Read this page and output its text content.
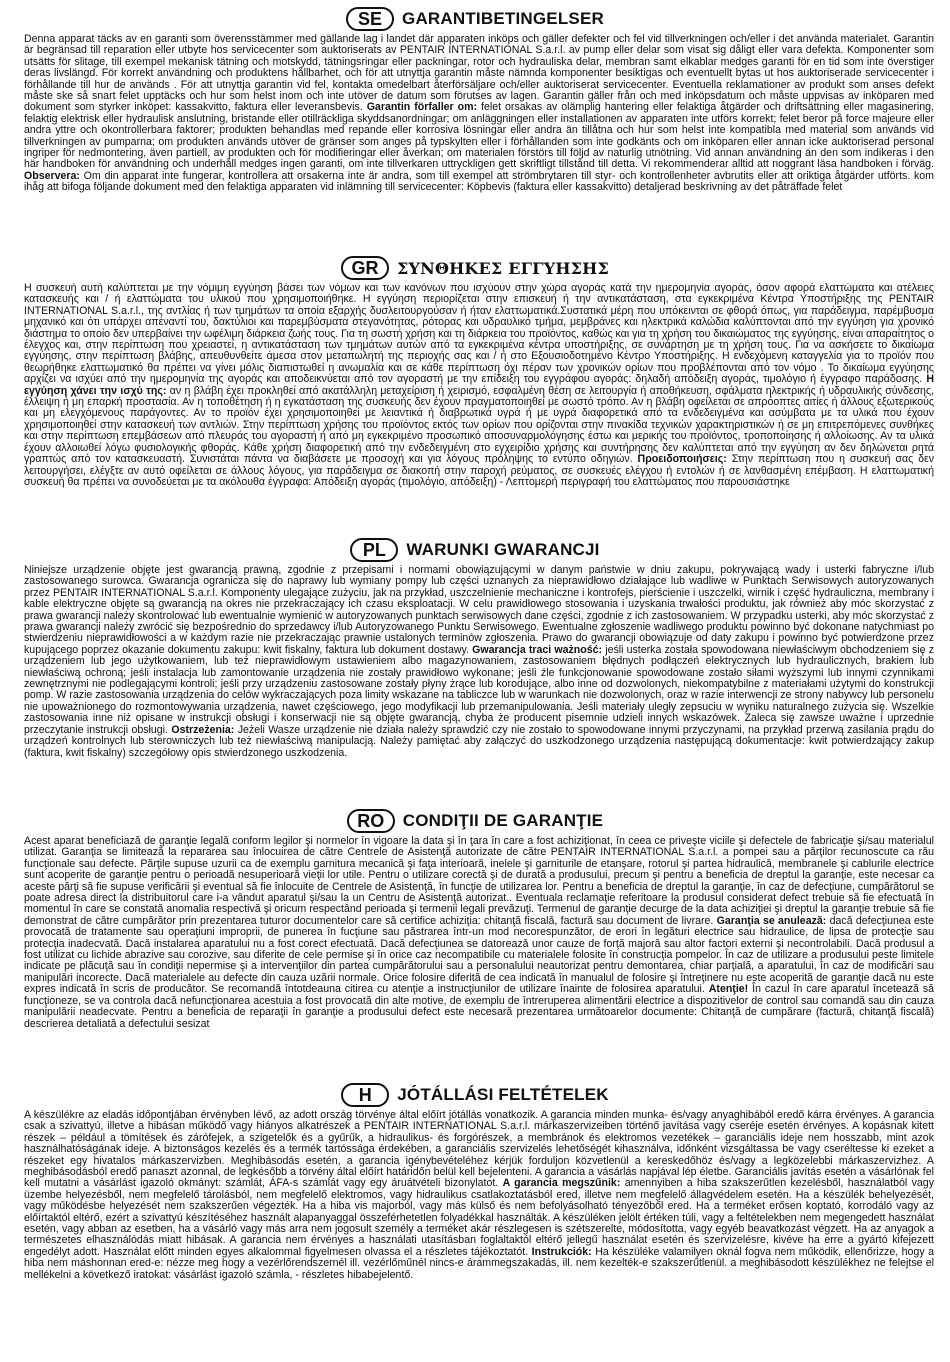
SE	GARANTIBETINGELSER

Denna apparat täcks av en garanti som överensstämmer med gällande lag i landet där apparaten inköps och gäller defekter och fel vid tillverkningen och/eller i det använda materialet. Garantin är begränsad till reparation eller utbyte hos servicecenter som auktoriserats av PENTAIR INTERNATIONAL S.a.r.l. av pump eller delar som visat sig dåligt eller vara defekta. Komponenter som utsätts för slitage, till exempel mekanisk tätning och motskydd, tätningsringar eller packningar, rotor och hydrauliska delar, membran samt elkablar medges garanti för en tid som inte överstiger deras livslängd. För korrekt användning och produktens hållbarhet, och för att utnyttja garantin måste nämnda komponenter besiktigas och eventuellt bytas ut hos auktoriserade servicecenter i förhållande till hur de används . För att utnyttja garantin vid fel, kontakta omedelbart återförsäljare och/eller auktoriserat servicecenter. Eventuella reklamationer av produkt som anses defekt måste ske så snart felet upptäcks och hur som helst inom och inte utöver de datum som förutses av lagen. Garantin gäller från och med inköpsdatum och måste uppvisas av inköparen med dokument som styrker inköpet: kassakvitto, faktura eller leveransbevis. Garantin förfaller om: felet orsakas av olämplig hantering eller felaktiga åtgärder och driftsättning eller magasinering, felaktig elektrisk eller hydraulisk anslutning, bristande eller otillräckliga skyddsanordningar; om anläggningen eller installationen av apparaten inte utförs korrekt; felet beror på force majeure eller andra yttre och okontrollerbara faktorer; produkten behandlas med repande eller korrosiva lösningar eller andra än tillåtna och hur som helst inte kompatibla med material som används vid tillverkningen av pumparna; om produkten används utöver de gränser som anges på typskylten eller i förhållanden som inte godkänts och om inköparen eller annan icke auktoriserad personal ingriper för nedmontering, även partiell, av produkten och för modifieringar eller åverkan; om materialen förstörs till följd av naturlig utnötning. Vid annan användning än den som indikeras i den här handboken för användning och underhåll medges ingen garanti, om inte tillverkaren uttryckligen gett skriftligt tillstånd till detta. Vi rekommenderar alltid att noggrant läsa handboken i förväg. Observera: Om din apparat inte fungerar, kontrollera att orsakerna inte är andra, som till exempel att strömbrytaren till styr- och kontrollenheter avbrutits eller att oriktiga åtgärder utförts. kom ihåg att bifoga följande dokument med den felaktiga apparaten vid inlämning till servicecenter: Köpbevis (faktura eller kassakvitto) detaljerad beskrivning av det påträffade felet

GR	ΣΥΝΘΗΚΕΣ ΕΓΓΥΗΣΗΣ

Η συσκευή αυτή καλύπτεται με την νόμιμη εγγύηση βάσει των νόμων και των κανόνων που ισχύουν στην χώρα αγοράς κατά την ημερομηνία αγοράς, όσον αφορά ελαττώματα και ατέλειες κατασκευής και / ή ελαττώματα του υλικού που χρησιμοποιήθηκε. Η εγγύηση περιορίζεται στην επισκευή ή την αντικατάσταση, στα εγκεκριμένα Κέντρα Υποστήριξης της PENTAIR INTERNATIONAL S.a.r.l., της αντλίας ή των τμημάτων τα οποία εξαρχής δυσλειτουργούσαν ή ήταν ελαττωματικά.Συστατικά μέρη που υπόκεινται σε φθορά όπως, για παράδειγμα, παρέμβυσμα μηχανικό και ότι υπάρχει απέναντί του, δακτύλιοι και παρεμβύσματα στεγανότητας, ρότορας και υδραυλικό τμήμα, μεμβράνες και ηλεκτρικά καλώδια καλύπτονται από την εγγύηση για χρονικό διάστημα το οποίο δεν υπερβαίνει την ωφέλιμη διάρκεια ζωής τους. Για τη σωστή χρήση και τη διάρκεια του προϊόντος, καθώς και για τη χρήση του δικαιώματος της εγγύησης, είναι απαραίτητος ο έλεγχος και, στην περίπτωση που χρειαστεί, η αντικατάσταση των τμημάτων αυτών από τα εγκεκριμένα κέντρα υποστήριξης, σε συνάρτηση με τη χρήση τους. Για να ασκήσετε το δικαίωμα εγγύησης, στην περίπτωση βλάβης, απευθυνθείτε άμεσα στον μεταπωλητή της περιοχής σας και / ή στο Εξουσιοδοτημένο Κέντρο Υποστήριξης. Η ενδεχόμενη καταγγελία για το προϊόν που θεωρήθηκε ελαττωματικό θα πρέπει να γίνει μόλις διαπιστωθεί η ανωμαλία και σε κάθε περίπτωση όχι πέραν των χρονικών ορίων που προβλέπονται από τον νόμο . Το δικαίωμα εγγύησης αρχίζει να ισχύει από την ημερομηνία της αγοράς και αποδεικνύεται από τον αγοραστή με την επίδειξη του εγγράφου αγοράς: δηλαδή απόδειξη αγοράς, τιμολόγιο ή έγγραφο παράδοσης. Η εγγύηση χάνει την ισχύ της: αν η βλάβη έχει προκληθεί από ακατάλληλη μεταχείριση ή χειρισμό, εσφαλμένη θέση σε λειτουργία ή αποθήκευση, σφάλματα ηλεκτρικής ή υδραυλικής σύνδεσης, έλλειψη ή μη επαρκή προστασία. Αν η τοποθέτηση ή η εγκατάσταση της συσκευής δεν έχουν πραγματοποιηθεί με σωστό τρόπο. Αν η βλάβη οφείλεται σε απρόοπτες αιτίες ή άλλους εξωτερικούς και μη ελεγχόμενους παράγοντες. Αν το προϊόν έχει χρησιμοποιηθεί με λειαντικά ή διαβρωτικά υγρά ή με υγρά διαφορετικά από τα ενδεδειγμένα και ασύμβατα με τα υλικά που έχουν χρησιμοποιηθεί στην κατασκευή των αντλιών. Στην περίπτωση χρήσης του προϊόντος εκτός των ορίων που ορίζονται στην πινακίδα τεχνικών χαρακτηριστικών ή σε μη επιτρεπόμενες συνθήκες και στην περίπτωση επεμβάσεων από πλευράς του αγοραστή ή από μη εγκεκριμένο προσωπικό αποσυναρμολόγησης έστω και μερικής του προϊόντος, τροποποίησης ή αλλοίωσης. Αν τα υλικά έχουν αλλοιωθεί λόγω φυσιολογικής φθοράς. Κάθε χρήση διαφορετική από την ενδεδειγμένη στο εγχειρίδιο χρήσης και συντήρησης δεν καλύπτεται από την εγγύηση αν δεν δηλώνεται ρητά γραπτώς από τον κατασκευαστή. Συνιστάται πάντα να διαβάσετε με προσοχή και για λόγους πρόληψης το εντύπο οδηγιών. Προειδοποιήσεις: Στην περίπτωση που η συσκευή σας δεν λειτουργήσει, ελέγξτε αν αυτό οφείλεται σε άλλους λόγους, για παράδειγμα σε διακοπή στην παροχή ρεύματος, σε συσκευές ελέγχου ή εντολών ή σε λανθασμένη επέμβαση. Η ελαττωματική συσκευή θα πρέπει να συνοδεύεται με τα ακόλουθα έγγραφα: Απόδειξη αγοράς (τιμολόγιο, απόδειξη) - Λεπτομερή περιγραφή του ελαττώματος που παρουσιάστηκε

PL	WARUNKI GWARANCJI

Niniejsze urządzenie objęte jest gwarancją prawną, zgodnie z przepisami i normami obowiązującymi w danym państwie w dniu zakupu, pokrywającą wady i usterki fabryczne i/lub zastosowanego surowca. Gwarancja ogranicza się do naprawy lub wymiany pompy lub części uznanych za nieprawidłowo działające lub wadliwe w Punktach Serwisowych autoryzowanych przez PENTAIR INTERNATIONAL S.a.r.l. Komponenty ulegające zużyciu, jak na przykład, uszczelnienie mechaniczne i kontrofejs, pierścienie i uszczelki, wirnik i część hydrauliczna, membrany i kable elektryczne objęte są gwarancją na okres nie przekraczający ich czasu eksploatacji. W celu prawidłowego stosowania i uzyskania trwałości produktu, jak również aby móc skorzystać z prawa gwarancji należy skontrolować lub ewentualnie wymienić w autoryzowanych punktach serwisowych dane części, zgodnie z ich zastosowaniem. W przypadku usterki, aby móc skorzystać z prawa gwarancji należy zwrócić się bezpośrednio do sprzedawcy i/lub Autoryzowanego Punktu Serwisowego. Ewentualne zgłoszenie wadliwego produktu powinno być dokonane natychmiast po stwierdzeniu nieprawidłowości a w każdym razie nie przekraczając prawnie ustalonych terminów zgłoszenia. Prawo do gwarancji obowiązuje od daty zakupu i powinno być potwierdzone przez kupującego poprzez okazanie dokumentu zakupu: kwit fiskalny, faktura lub dokument dostawy. Gwarancja traci ważność: jeśli usterka została spowodowana niewłaściwym obchodzeniem się z urządzeniem lub jego użytkowaniem, lub też nieprawidłowym ustawieniem albo magazynowaniem, zastosowaniem błędnych podłączeń elektrycznych lub hydraulicznych, brakiem lub niewłaściwą ochroną; jeśli instalacja lub zamontowanie urządzenia nie zostały prawidłowo wykonane; jeśli źle funkcjonowanie spowodowane zostało siłami wyższymi lub innymi czynnikami zewnętrznymi nie podlegającymi kontroli; jeśli przy urządzeniu zastosowane zostały płyny żrące lub korodujące, albo inne od dozwolonych, niekompatybilne z materiałami użytymi do konstrukcji pomp. W razie zastosowania urządzenia do celów wykraczających poza limity wskazane na tabliczce lub w warunkach nie dozwolonych, oraz w razie interwencji ze strony nabywcy lub personelu nie upoważnionego do rozmontowywania urządzenia, nawet częściowego, jego modyfikacji lub przemanipulowania. Jeśli materiały uległy zepsuciu w wyniku naturalnego zużycia się. Wszelkie zastosowania inne niż opisane w instrukcji obsługi i konserwacji nie są objęte gwarancją, chyba że producent pisemnie udzieli innych wskazówek. Zaleca się zawsze uważne i uprzednie przeczytanie instrukcji obsługi. Ostrzeżenia: Jeżeli Wasze urządzenie nie działa należy sprawdzić czy nie zostało to spowodowane innymi przyczynami, na przykład przerwą zasilania prądu do urządzeń kontrolnych lub sterowniczych lub też niewłaściwą manipulacją. Należy pamiętać aby załączyć do uszkodzonego urządzenia następującą dokumentacje: kwit potwierdzający zakup (faktura, kwit fiskalny) szczegółowy opis stwierdzonego uszkodzenia.

RO	CONDIŢII DE GARANŢIE

Acest aparat beneficiază de garanţie legală conform legilor şi normelor în vigoare la data şi în ţara în care a fost achiziţionat, în ceea ce priveşte viciile şi defectele de fabricaţie şi/sau materialul utilizat. Garanţia se limitează la repararea sau înlocuirea de către Centrele de Asistenţă autorizate de către PENTAIR INTERNATIONAL S.a.r.l. a pompei sau a părţilor recunoscute ca rău funcţionale sau defecte. Părţile supuse uzurii ca de exemplu garnitura mecanică şi faţa interioară, inelele şi garniturile de etanşare, rotorul şi partea hidraulică, membranele şi cablurile electrice sunt acoperite de garanţie pentru o perioadă nesuperioară vieţii lor utile. Pentru o utilizare corectă şi de durată a produsului, precum şi pentru a beneficia de dreptul la garanţie, este necesar ca aceste părţi să fie supuse verificării şi eventual să fie înlocuite de Centrele de Asistenţă, în funcţie de utilizarea lor. Pentru a beneficia de dreptul la garanţie, în caz de defecţiune, cumpărătorul se poate adresa direct la distribuitorul care i-a vândut aparatul şi/sau la un Centru de Asistenţă autorizat.. Eventuala reclamaţie referitoare la produsul considerat defect trebuie să fie efectuată în momentul în care se constată anomalia respectivă şi oricum respectând perioada şi termenii legali prevăzuţi. Termenul de garanţie decurge de la data achiziţiei şi dreptul la garanţie trebuie să fie demonstrat de către cumpărător prin prezentarea tuturor documentelor care să certifice achiziţia: chitanţă fiscală, factură sau document de livrare. Garanţia se anulează: dacă defecţiunea este provocată de tratamente sau operaţiuni improprii, de punerea în fucţiune sau păstrarea într-un mod necorespunzător, de erori în legături electrice sau hidraulice, de lipsa de protecţie sau protecţia inadecvată. Dacă instalarea aparatului nu a fost corect efectuată. Dacă defecţiunea se datorează unor cauze de forţă majoră sau altor factori externi şi necontrolabili. Dacă produsul a fost utilizat cu lichide abrazive sau corozive, sau diferite de cele permise şi în orice caz necompatibile cu materialele folosite în construcţia pompelor. În caz de utilizare a produsului peste limitele indicate pe plăcuţă sau în condiţii nepermise şi a intervenţiilor din partea cumpărătorului sau a personalului neautorizat pentru demontarea, chiar parţială, a aparatului, în caz de modificări sau manipulări incorecte. Dacă materialele au defecte din cauza uzării normale. Orice folosire diferită de cea indicată în manualul de folosire şi întreţinere nu este acoperită de garanţie dacă nu este expres indicată în scris de producător. Se recomandă întotdeauna citirea cu atenţie a instrucţiunilor de utilizare înainte de folosirea aparatului. Atenţie! În cazul în care aparatul încetează să funcţioneze, se va controla dacă nefuncţionarea acestuia a fost provocată din alte motive, de exemplu de întreruperea alimentării electrice a dispozitivelor de control sau comandă sau din cauza manipulării neadecvate. Pentru a beneficia de reparaţii în garanţie a produsului defect este necesară prezentarea următoarelor documente: Chitanţă de cumpărare (factură, chitanţă fiscală) descrierea detaliată a defectului sesizat

H	JÓTÁLLÁSI FELTÉTELEK

A készülékre az eladás időpontjában érvényben lévő, az adott ország törvénye által előírt jótállás vonatkozik. A garancia minden munka- és/vagy anyaghibából eredő kárra érvényes. A garancia csak a szivattyú, illetve a hibásan működő vagy hiányos alkatrészek a PENTAIR INTERNATIONAL S.a.r.l. márkaszervizeiben történő javítása vagy cseréje esetén érvényes. A kopásnak kitett részek – például a tömítések és zárófejek, a szigetelők és a gyűrűk, a hidraulikus- és forgórészek, a membránok és elektromos vezetékek – garanciális ideje nem hosszabb, mint azok használhatóságának ideje. A biztonságos kezelés és a termék tartóssága érdekében, a garanciális szervizelés lehetőségét kihasználva, időnként vizsgáltassa be vagy cseréltesse ki ezeket a részeket egy hivatalos márkaszervizben. Meghibásodás esetén, a garancia igénybevételéhez kérjük forduljon közvetlenül a kereskedőhöz és/vagy a legközelebbi márkaszervizhez. A meghibásodásból eredő panaszt azonnal, de legkésőbb a törvény által előírt határidőn belül kell bejelenteni. A garancia a vásárlás napjával lép életbe. Garanciális javítás esetén a vásárlónak fel kell mutatni a vásárlást igazoló okmányt: számlát, ÁFA-s számlát vagy egy áruátvételi bizonylatot. A garancia megszűnik: amennyiben a hiba szakszerűtlen kezelésből, használatból vagy üzembe helyezésből, nem megfelelő tárolásból, nem megfelelő elektromos, vagy hidraulikus csatlakoztatásból ered, illetve nem megfelelő állagvédelem esetén. Ha a készülék behelyezését, vagy működésbe helyezését nem szakszerűen végezték. Ha a hiba vis majorból, vagy más külső és nem befolyásolható tényezőből ered. Ha a terméket erősen koptató, korrodáló vagy az előírtaktól eltérő, ezért a szivattyú készítéséhez használt alapanyaggal összeférhetetlen folyadékkal használták. A készüléken jelölt értéken túli, vagy a feltételekben nem megengedett használat esetén, vagy abban az esetben, ha a vásárló vagy más arra nem jogosult személy a terméket akár részlegesen is szétszerelte, módosította, vagy egyéb beavatkozást végzett. Ha az anyagok a természetes elhasználódás miatt hibásak. A garancia nem érvényes a használati utasításban foglaltaktól eltérő jellegű használat esetén és szervizelésre, kivéve ha erre a gyártó kifejezett engedélyt adott. Használat előtt minden egyes alkalommal figyelmesen olvassa el a részletes tájékoztatót. Instrukciók: Ha készüléke valamilyen oknál fogva nem működik, ellenőrizze, hogy a hiba nem máshonnan ered-e: nézze meg hogy a vezérlőrendszernél ill. vezérlőműnél nincs-e árammegszakadás, ill. nem kezelték-e szakszerűtlenül. a meghibásodott készülékhez ne felejtse el mellékelni a következő iratokat: vásárlást igazoló számla, - részletes hibabejelentő.
